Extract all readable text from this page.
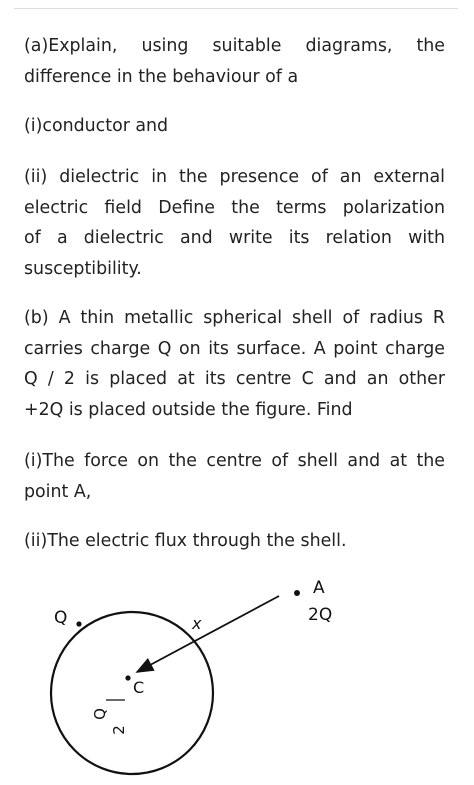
(a)Explain, using suitable diagrams, the
difference in the behaviour of a

(i)conductor and

(ii) dielectric in the presence of an external
electric field Define the terms polarization
of a dielectric and write its relation with
susceptibility.

(b) A thin metallic spherical shell of radius R
carries charge Q on its surface. A point charge
Q / 2 is placed at its centre C and an other
+2Q is placed outside the figure. Find

(i)The force on the centre of shell and at the
point A,

(ii)The electric flux through the shell.

Q	x
A
2Q
C
Q
2
